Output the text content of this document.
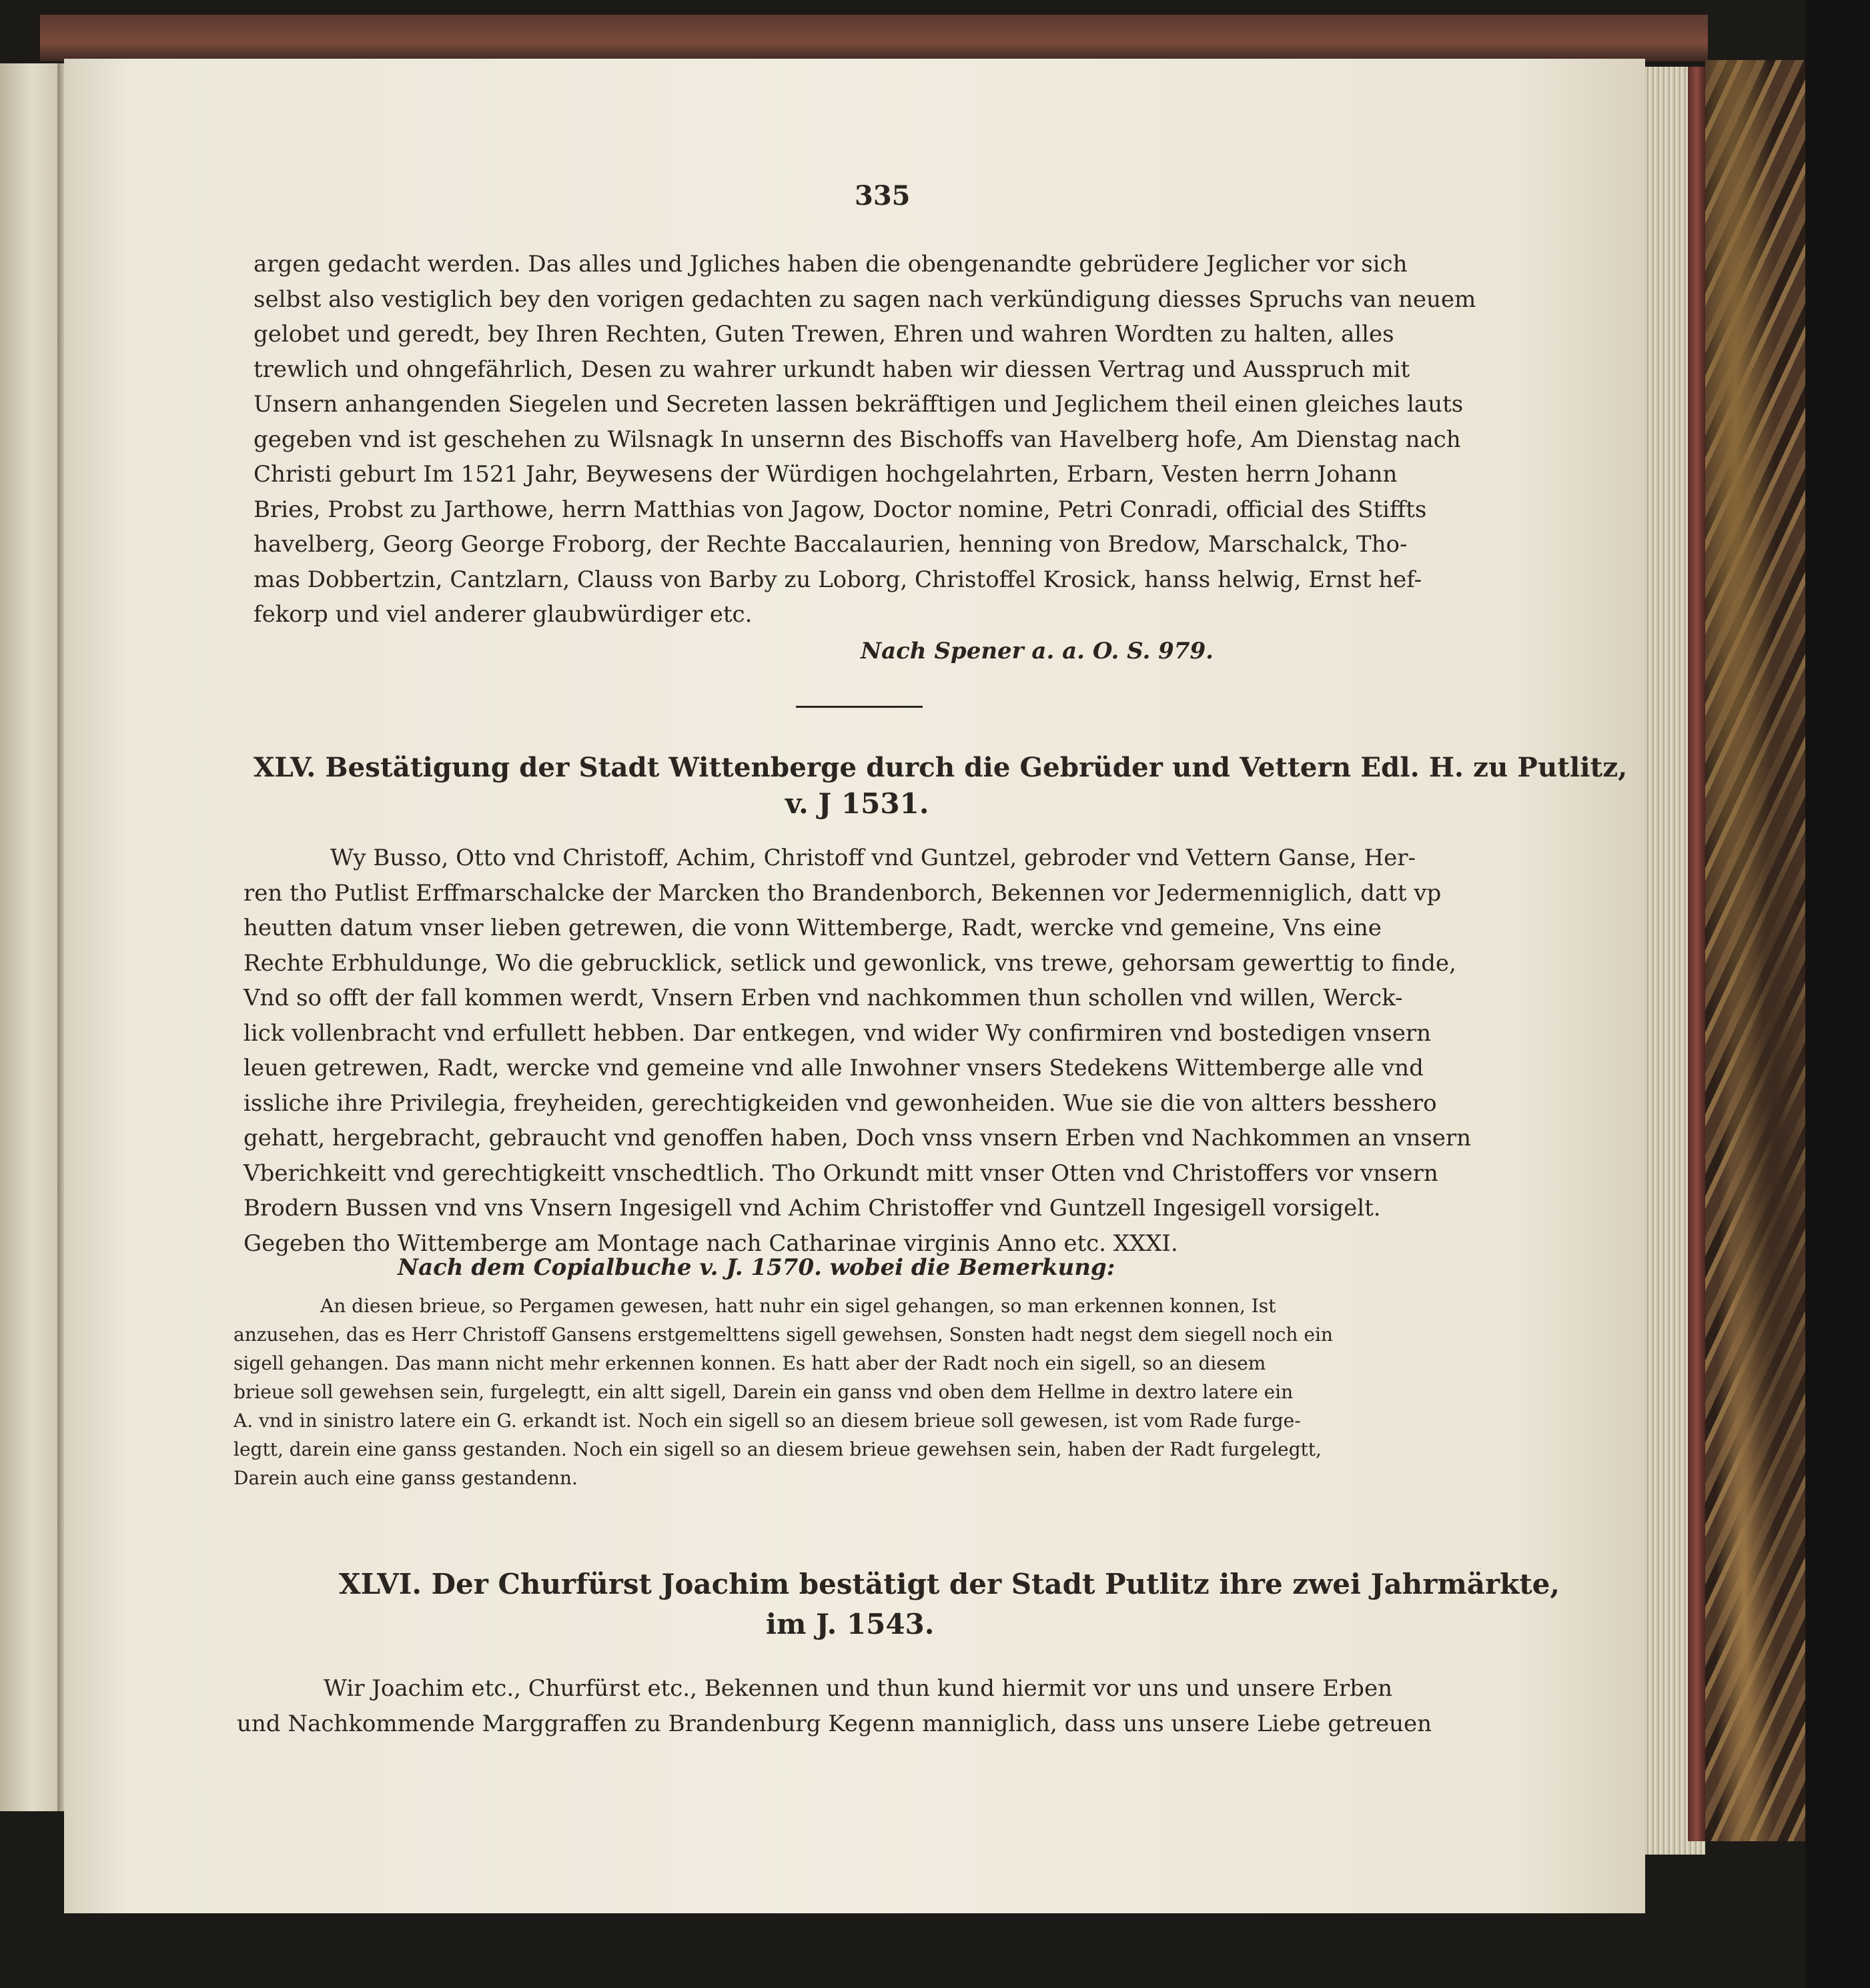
335
argen gedacht werden. Das alles und Jgliches haben die obengenandte gebrüdere Jeglicher vor sich
selbst also vestiglich bey den vorigen gedachten zu sagen nach verkündigung diesses Spruchs van neuem
gelobet und geredt, bey Ihren Rechten, Guten Trewen, Ehren und wahren Wordten zu halten, alles
trewlich und ohngefährlich, Desen zu wahrer urkundt haben wir diessen Vertrag und Ausspruch mit
Unsern anhangenden Siegelen und Secreten lassen bekräfftigen und Jeglichem theil einen gleiches lauts
gegeben vnd ist geschehen zu Wilsnagk In unsernn des Bischoffs van Havelberg hofe, Am Dienstag nach
Christi geburt Im 1521 Jahr, Beywesens der Würdigen hochgelahrten, Erbarn, Vesten herrn Johann
Bries, Probst zu Jarthowe, herrn Matthias von Jagow, Doctor nomine, Petri Conradi, official des Stiffts
havelberg, Georg George Froborg, der Rechte Baccalaurien, henning von Bredow, Marschalck, Tho-
mas Dobbertzin, Cantzlarn, Clauss von Barby zu Loborg, Christoffel Krosick, hanss helwig, Ernst hef-
fekorp und viel anderer glaubwürdiger etc.
Nach Spener a. a. O. S. 979.
XLV. Bestätigung der Stadt Wittenberge durch die Gebrüder und Vettern Edl. H. zu Putlitz,
v. J 1531.
Wy Busso, Otto vnd Christoff, Achim, Christoff vnd Guntzel, gebroder vnd Vettern Ganse, Her-
ren tho Putlist Erffmarschalcke der Marcken tho Brandenborch, Bekennen vor Jedermenniglich, datt vp
heutten datum vnser lieben getrewen, die vonn Wittemberge, Radt, wercke vnd gemeine, Vns eine
Rechte Erbhuldunge, Wo die gebrucklick, setlick und gewonlick, vns trewe, gehorsam gewerttig to finde,
Vnd so offt der fall kommen werdt, Vnsern Erben vnd nachkommen thun schollen vnd willen, Werck-
lick vollenbracht vnd erfullett hebben. Dar entkegen, vnd wider Wy confirmiren vnd bostedigen vnsern
leuen getrewen, Radt, wercke vnd gemeine vnd alle Inwohner vnsers Stedekens Wittemberge alle vnd
issliche ihre Privilegia, freyheiden, gerechtigkeiden vnd gewonheiden. Wue sie die von altters besshero
gehatt, hergebracht, gebraucht vnd genoffen haben, Doch vnss vnsern Erben vnd Nachkommen an vnsern
Vberichkeitt vnd gerechtigkeitt vnschedtlich. Tho Orkundt mitt vnser Otten vnd Christoffers vor vnsern
Brodern Bussen vnd vns Vnsern Ingesigell vnd Achim Christoffer vnd Guntzell Ingesigell vorsigelt.
Gegeben tho Wittemberge am Montage nach Catharinae virginis Anno etc. XXXI.
Nach dem Copialbuche v. J. 1570. wobei die Bemerkung:
An diesen brieue, so Pergamen gewesen, hatt nuhr ein sigel gehangen, so man erkennen konnen, Ist
anzusehen, das es Herr Christoff Gansens erstgemelttens sigell gewehsen, Sonsten hadt negst dem siegell noch ein
sigell gehangen. Das mann nicht mehr erkennen konnen. Es hatt aber der Radt noch ein sigell, so an diesem
brieue soll gewehsen sein, furgelegtt, ein altt sigell, Darein ein ganss vnd oben dem Hellme in dextro latere ein
A. vnd in sinistro latere ein G. erkandt ist. Noch ein sigell so an diesem brieue soll gewesen, ist vom Rade furge-
legtt, darein eine ganss gestanden. Noch ein sigell so an diesem brieue gewehsen sein, haben der Radt furgelegtt,
Darein auch eine ganss gestandenn.
XLVI. Der Churfürst Joachim bestätigt der Stadt Putlitz ihre zwei Jahrmärkte,
im J. 1543.
Wir Joachim etc., Churfürst etc., Bekennen und thun kund hiermit vor uns und unsere Erben
und Nachkommende Marggraffen zu Brandenburg Kegenn manniglich, dass uns unsere Liebe getreuen
